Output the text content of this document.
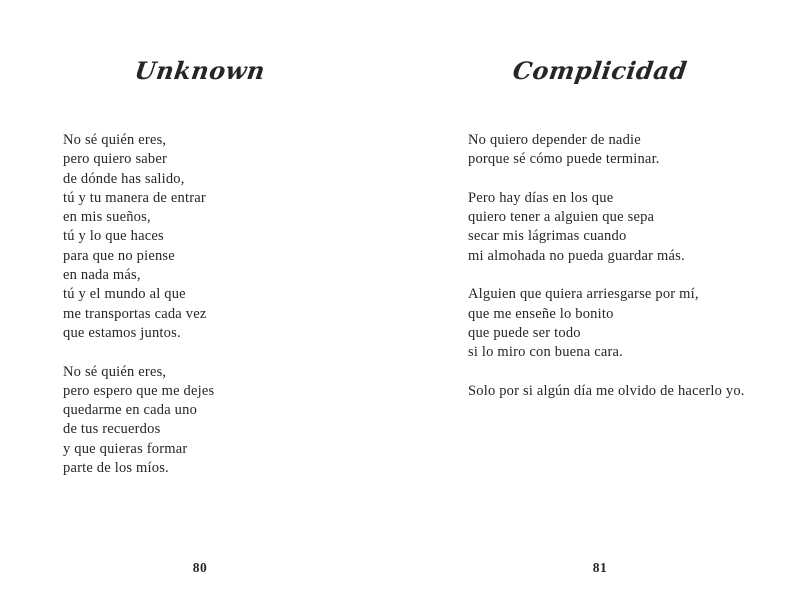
Unknown

No sé quién eres,
pero quiero saber
de dónde has salido,
tú y tu manera de entrar
en mis sueños,
tú y lo que haces
para que no piense
en nada más,
tú y el mundo al que
me transportas cada vez
que estamos juntos.

No sé quién eres,
pero espero que me dejes
quedarme en cada uno
de tus recuerdos
y que quieras formar
parte de los míos.

80
Complicidad

No quiero depender de nadie
porque sé cómo puede terminar.

Pero hay días en los que
quiero tener a alguien que sepa
secar mis lágrimas cuando
mi almohada no pueda guardar más.

Alguien que quiera arriesgarse por mí,
que me enseñe lo bonito
que puede ser todo
si lo miro con buena cara.

Solo por si algún día me olvido de hacerlo yo.

81
